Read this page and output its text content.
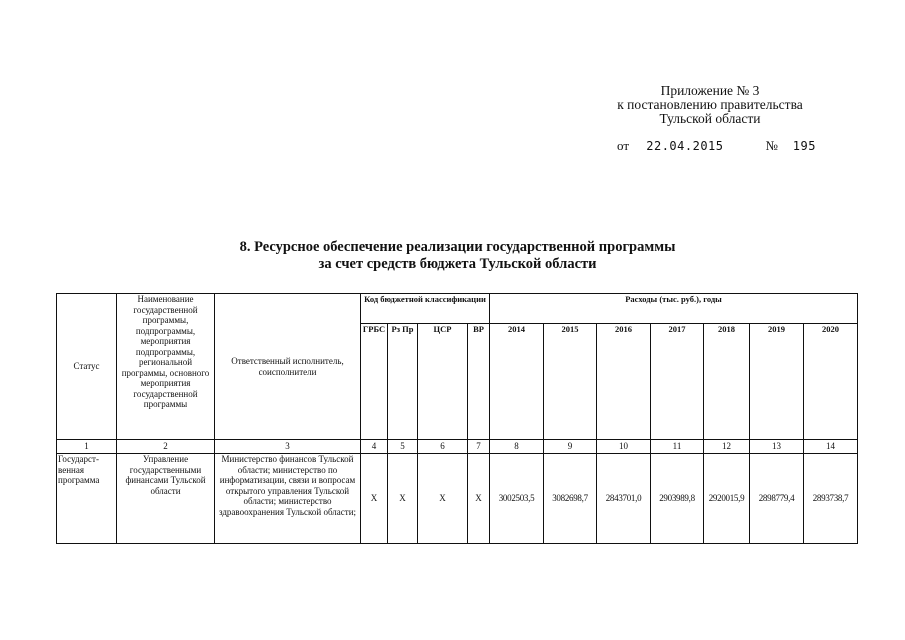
Приложение № 3
к постановлению правительства
Тульской области
от 22.04.2015	№ 195
8. Ресурсное обеспечение реализации государственной программы
за счет средств бюджета Тульской области
Статус	Наименование государственной программы, подпрограммы, мероприятия подпрограммы, региональной программы, основного мероприятия государственной программы	Ответственный исполнитель, соисполнители	Код бюджетной классификации				Расходы (тыс. руб.), годы						
			ГРБС	Рз Пр	ЦСР	ВР	2014	2015	2016	2017	2018	2019	2020
1	2	3	4	5	6	7	8	9	10	11	12	13	14
Государст-венная программа	Управление государственными финансами Тульской области	Министерство финансов Тульской области; министерство по информатизации, связи и вопросам открытого управления Тульской области; министерство здравоохранения Тульской области;	X	X	X	X	3002503,5	3082698,7	2843701,0	2903989,8	2920015,9	2898779,4	2893738,7
